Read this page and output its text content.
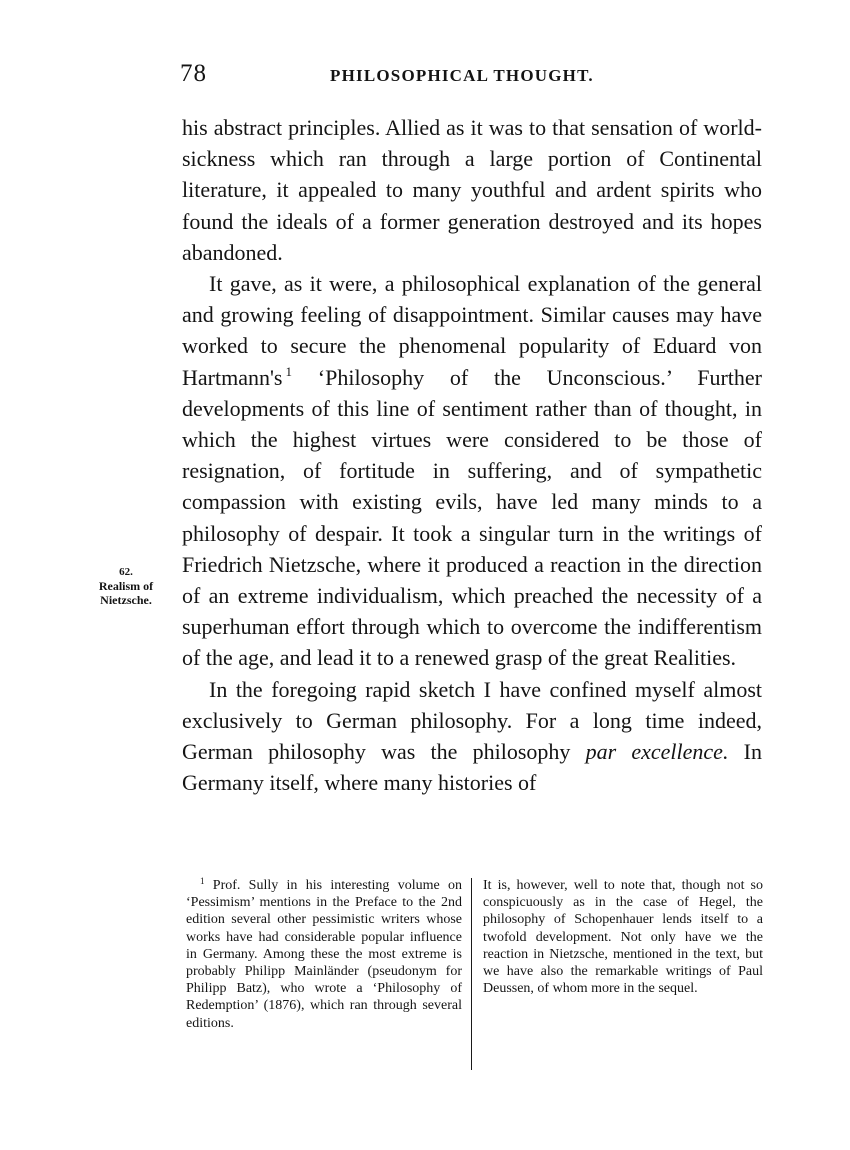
78	PHILOSOPHICAL THOUGHT.
62.
Realism of
Nietzsche.

his abstract principles. Allied as it was to that sensation of world-sickness which ran through a large portion of Continental literature, it appealed to many youthful and ardent spirits who found the ideals of a former generation destroyed and its hopes abandoned.

It gave, as it were, a philosophical explanation of the general and growing feeling of disappointment. Similar causes may have worked to secure the phenomenal popularity of Eduard von Hartmann's $^1$ ‘Philosophy of the Unconscious.’ Further developments of this line of sentiment rather than of thought, in which the highest virtues were considered to be those of resignation, of fortitude in suffering, and of sympathetic compassion with existing evils, have led many minds to a philosophy of despair. It took a singular turn in the writings of Friedrich Nietzsche, where it produced a reaction in the direction of an extreme individualism, which preached the necessity of a superhuman effort through which to overcome the indifferentism of the age, and lead it to a renewed grasp of the great Realities.

In the foregoing rapid sketch I have confined myself almost exclusively to German philosophy. For a long time indeed, German philosophy was the philosophy par excellence. In Germany itself, where many histories of

$^1$ Prof. Sully in his interesting volume on ‘Pessimism’ mentions in the Preface to the 2nd edition several other pessimistic writers whose works have had considerable popular influence in Germany. Among these the most extreme is probably Philipp Mainländer (pseudonym for Philipp Batz), who wrote a ‘Philosophy of Redemption’ (1876), which ran through several editions.
It is, however, well to note that, though not so conspicuously as in the case of Hegel, the philosophy of Schopenhauer lends itself to a twofold development. Not only have we the reaction in Nietzsche, mentioned in the text, but we have also the remarkable writings of Paul Deussen, of whom more in the sequel.
